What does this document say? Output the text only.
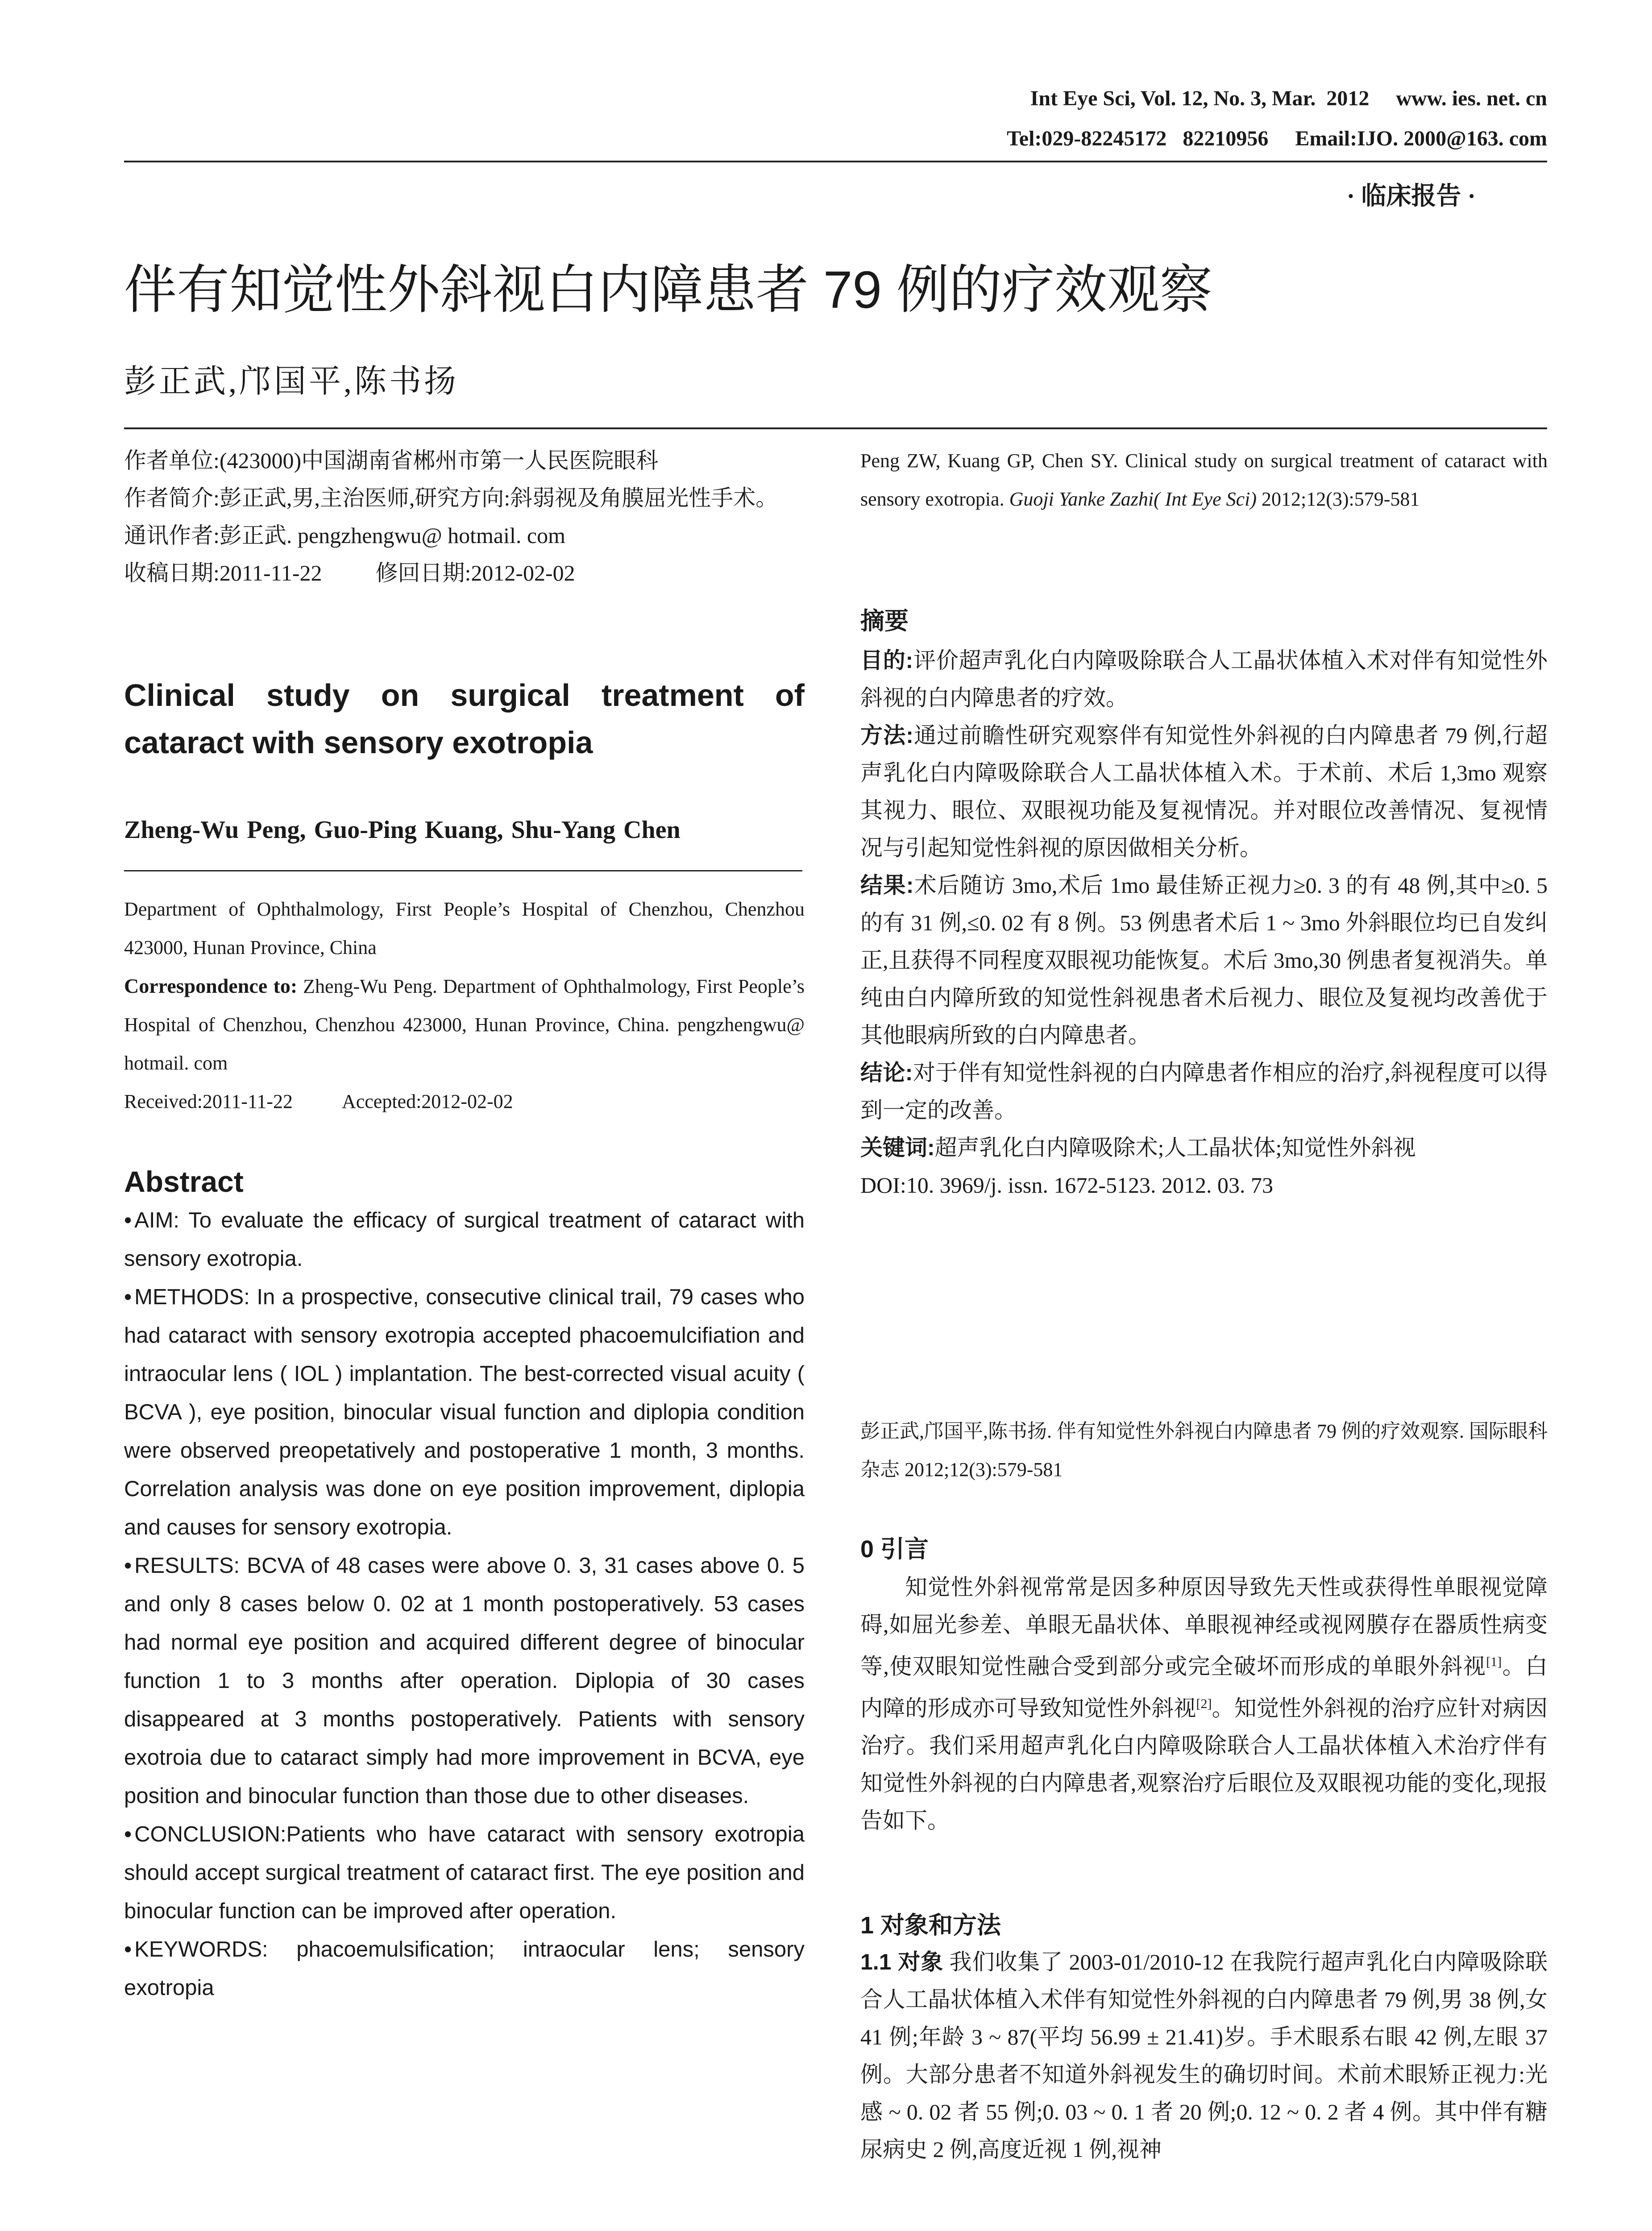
Int Eye Sci, Vol. 12, No. 3, Mar.  2012     www. ies. net. cn
Tel:029-82245172   82210956     Email:IJO. 2000@163. com
· 临床报告 ·
伴有知觉性外斜视白内障患者 79 例的疗效观察
彭正武,邝国平,陈书扬

作者单位:(423000)中国湖南省郴州市第一人民医院眼科

作者简介:彭正武,男,主治医师,研究方向:斜弱视及角膜屈光性手术。

通讯作者:彭正武. pengzhengwu@ hotmail. com

收稿日期:2011-11-22 修回日期:2012-02-02

Clinical study on surgical treatment of cataract with sensory exotropia
Zheng-Wu Peng, Guo-Ping Kuang, Shu-Yang Chen

Department of Ophthalmology, First People’s Hospital of Chenzhou, Chenzhou 423000, Hunan Province, China

Correspondence to: Zheng-Wu Peng. Department of Ophthalmology, First People’s Hospital of Chenzhou, Chenzhou 423000, Hunan Province, China. pengzhengwu@ hotmail. com

Received:2011-11-22	Accepted:2012-02-02

Abstract

• AIM: To evaluate the efficacy of surgical treatment of cataract with sensory exotropia.

• METHODS: In a prospective, consecutive clinical trail, 79 cases who had cataract with sensory exotropia accepted phacoemulcifiation and intraocular lens ( IOL ) implantation. The best-corrected visual acuity ( BCVA ), eye position, binocular visual function and diplopia condition were observed preopetatively and postoperative 1 month, 3 months. Correlation analysis was done on eye position improvement, diplopia and causes for sensory exotropia.

• RESULTS: BCVA of 48 cases were above 0. 3, 31 cases above 0. 5 and only 8 cases below 0. 02 at 1 month postoperatively. 53 cases had normal eye position and acquired different degree of binocular function 1 to 3 months after operation. Diplopia of 30 cases disappeared at 3 months postoperatively. Patients with sensory exotroia due to cataract simply had more improvement in BCVA, eye position and binocular function than those due to other diseases.

• CONCLUSION:Patients who have cataract with sensory exotropia should accept surgical treatment of cataract first. The eye position and binocular function can be improved after operation.

• KEYWORDS: phacoemulsification; intraocular lens; sensory exotropia

Peng ZW, Kuang GP, Chen SY. Clinical study on surgical treatment of cataract with sensory exotropia. Guoji Yanke Zazhi( Int Eye Sci) 2012;12(3):579-581

摘要

目的:评价超声乳化白内障吸除联合人工晶状体植入术对伴有知觉性外斜视的白内障患者的疗效。

方法:通过前瞻性研究观察伴有知觉性外斜视的白内障患者 79 例,行超声乳化白内障吸除联合人工晶状体植入术。于术前、术后 1,3mo 观察其视力、眼位、双眼视功能及复视情况。并对眼位改善情况、复视情况与引起知觉性斜视的原因做相关分析。

结果:术后随访 3mo,术后 1mo 最佳矫正视力≥0. 3 的有 48 例,其中≥0. 5 的有 31 例,≤0. 02 有 8 例。53 例患者术后 1 ~ 3mo 外斜眼位均已自发纠正,且获得不同程度双眼视功能恢复。术后 3mo,30 例患者复视消失。单纯由白内障所致的知觉性斜视患者术后视力、眼位及复视均改善优于其他眼病所致的白内障患者。

结论:对于伴有知觉性斜视的白内障患者作相应的治疗,斜视程度可以得到一定的改善。

关键词:超声乳化白内障吸除术;人工晶状体;知觉性外斜视

DOI:10. 3969/j. issn. 1672-5123. 2012. 03. 73

彭正武,邝国平,陈书扬. 伴有知觉性外斜视白内障患者 79 例的疗效观察. 国际眼科杂志 2012;12(3):579-581

0 引言

知觉性外斜视常常是因多种原因导致先天性或获得性单眼视觉障碍,如屈光参差、单眼无晶状体、单眼视神经或视网膜存在器质性病变等,使双眼知觉性融合受到部分或完全破坏而形成的单眼外斜视[1]。白内障的形成亦可导致知觉性外斜视[2]。知觉性外斜视的治疗应针对病因治疗。我们采用超声乳化白内障吸除联合人工晶状体植入术治疗伴有知觉性外斜视的白内障患者,观察治疗后眼位及双眼视功能的变化,现报告如下。

1 对象和方法

1.1 对象 我们收集了 2003-01/2010-12 在我院行超声乳化白内障吸除联合人工晶状体植入术伴有知觉性外斜视的白内障患者 79 例,男 38 例,女 41 例;年龄 3 ~ 87(平均 56.99 ± 21.41)岁。手术眼系右眼 42 例,左眼 37 例。大部分患者不知道外斜视发生的确切时间。术前术眼矫正视力:光感 ~ 0. 02 者 55 例;0. 03 ~ 0. 1 者 20 例;0. 12 ~ 0. 2 者 4 例。其中伴有糖尿病史 2 例,高度近视 1 例,视神
